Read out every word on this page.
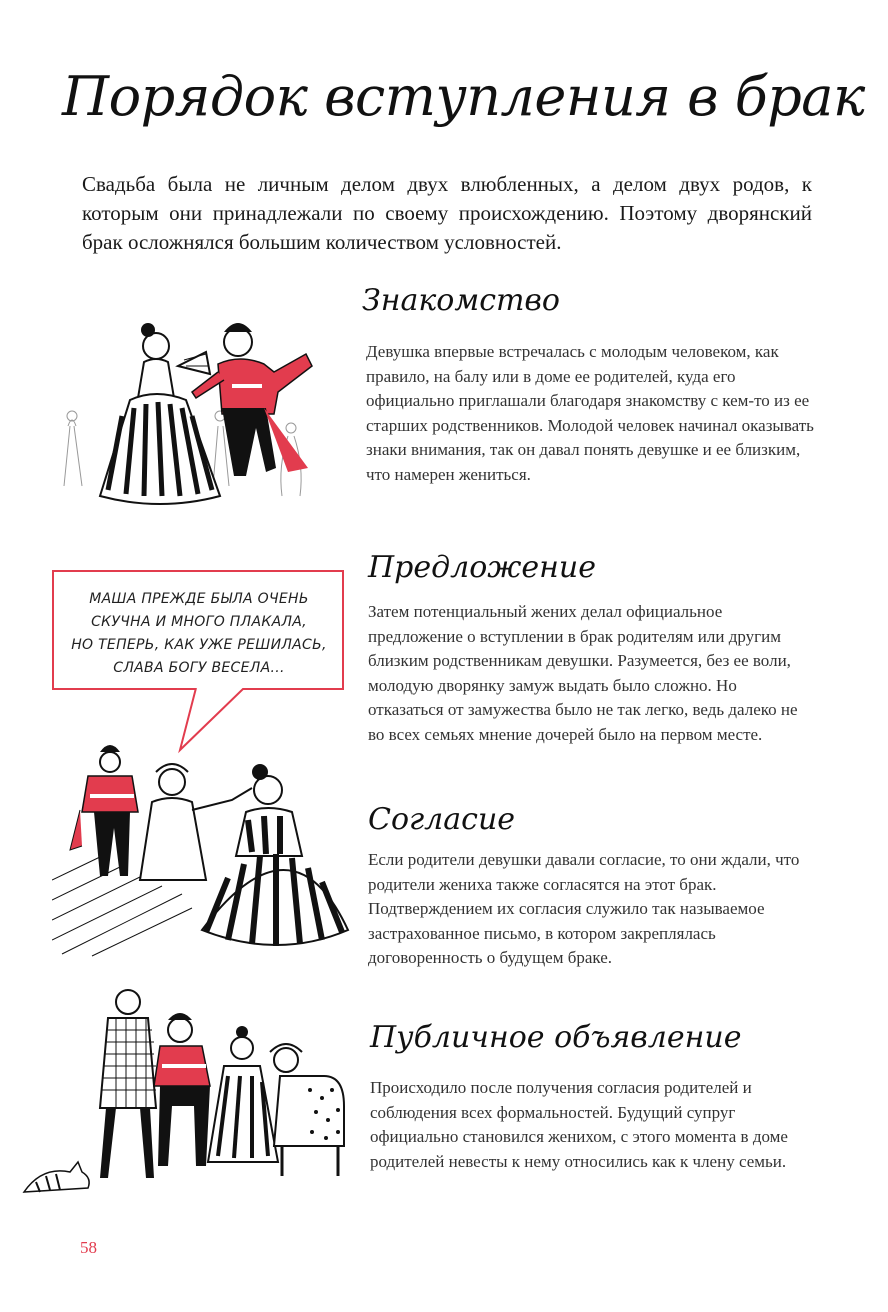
Порядок вступления в брак
Свадьба была не личным делом двух влюбленных, а делом двух родов, к которым они принадлежали по своему происхождению. Поэтому дворянский брак осложнялся большим количеством условностей.
Знакомство
Девушка впервые встречалась с молодым человеком, как правило, на балу или в доме ее родителей, куда его официально приглашали благодаря знакомству с кем-то из ее старших родственников. Молодой человек начинал оказывать знаки внимания, так он давал понять девушке и ее близким, что намерен жениться.
Предложение
Затем потенциальный жених делал официальное предложение о вступлении в брак родителям или другим близким родственникам девушки. Разумеется, без ее воли, молодую дворянку замуж выдать было сложно. Но отказаться от замужества было не так легко, ведь далеко не во всех семьях мнение дочерей было на первом месте.
Согласие
Если родители девушки давали согласие, то они ждали, что родители жениха также согласятся на этот брак. Подтверждением их согласия служило так называемое застрахованное письмо, в котором закреплялась договоренность о будущем браке.
Публичное объявление
Происходило после получения согласия родителей и соблюдения всех формальностей. Будущий супруг официально становился женихом, с этого момента в доме родителей невесты к нему относились как к члену семьи.
МАША ПРЕЖДЕ БЫЛА ОЧЕНЬ
СКУЧНА И МНОГО ПЛАКАЛА,
НО ТЕПЕРЬ, КАК УЖЕ РЕШИЛАСЬ,
СЛАВА БОГУ ВЕСЕЛА...
58
